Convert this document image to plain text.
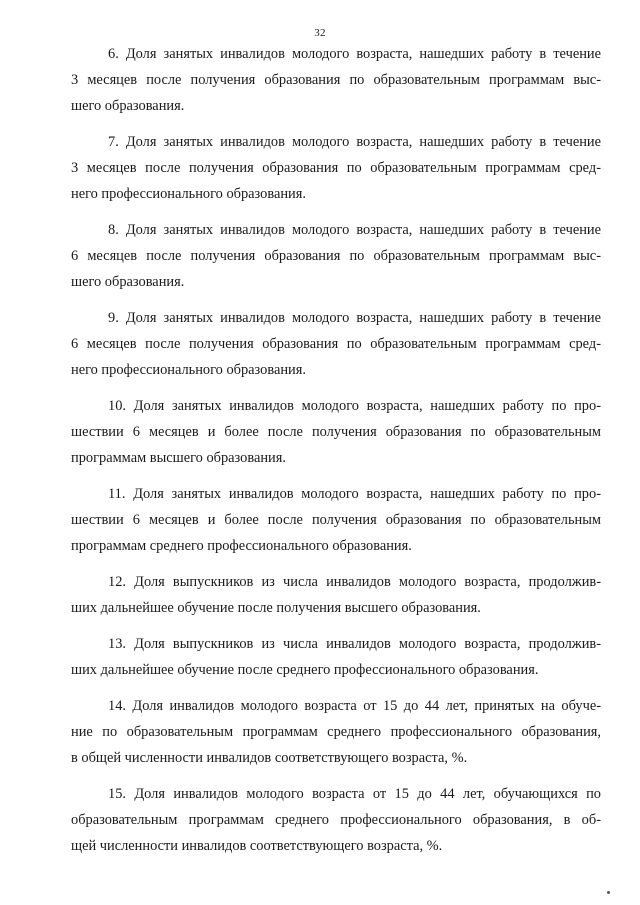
32

6. Доля занятых инвалидов молодого возраста, нашедших работу в течение
3 месяцев после получения образования по образовательным программам выс-
шего образования.

7. Доля занятых инвалидов молодого возраста, нашедших работу в течение
3 месяцев после получения образования по образовательным программам сред-
него профессионального образования.

8. Доля занятых инвалидов молодого возраста, нашедших работу в течение
6 месяцев после получения образования по образовательным программам выс-
шего образования.

9. Доля занятых инвалидов молодого возраста, нашедших работу в течение
6 месяцев после получения образования по образовательным программам сред-
него профессионального образования.

10. Доля занятых инвалидов молодого возраста, нашедших работу по про-
шествии 6 месяцев и более после получения образования по образовательным
программам высшего образования.

11. Доля занятых инвалидов молодого возраста, нашедших работу по про-
шествии 6 месяцев и более после получения образования по образовательным
программам среднего профессионального образования.

12. Доля выпускников из числа инвалидов молодого возраста, продолжив-
ших дальнейшее обучение после получения высшего образования.

13. Доля выпускников из числа инвалидов молодого возраста, продолжив-
ших дальнейшее обучение после среднего профессионального образования.

14. Доля инвалидов молодого возраста от 15 до 44 лет, принятых на обуче-
ние по образовательным программам среднего профессионального образования,
в общей численности инвалидов соответствующего возраста, %.

15. Доля инвалидов молодого возраста от 15 до 44 лет, обучающихся по
образовательным программам среднего профессионального образования, в об-
щей численности инвалидов соответствующего возраста, %.
